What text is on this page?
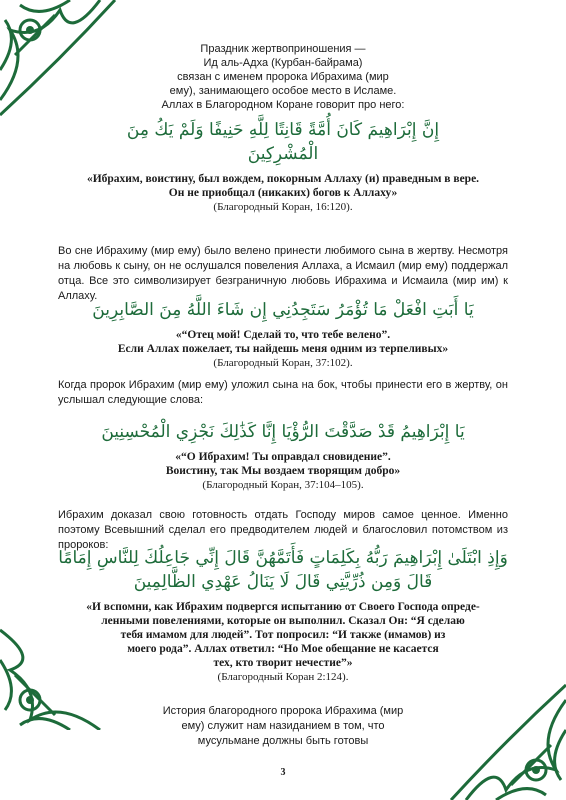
Праздник жертвоприношения —
Ид аль-Адха (Курбан-байрама)
связан с именем пророка Ибрахима (мир
ему), занимающего особое место в Исламе.
Аллах в Благородном Коране говорит про него:
إِنَّ إِبْرَاهِيمَ كَانَ أُمَّةً قَانِتًا لِلَّهِ حَنِيفًا وَلَمْ يَكُ مِنَ
الْمُشْرِكِينَ
«Ибрахим, воистину, был вождем, покорным Аллаху (и) праведным в вере.
Он не приобщал (никаких) богов к Аллаху»
(Благородный Коран, 16:120).
Во сне Ибрахиму (мир ему) было велено принести любимого сына в жертву. Несмотря на любовь к сыну, он не ослушался повеления Аллаха, а Исмаил (мир ему) поддержал отца. Все это символизирует безграничную любовь Ибрахима и Исмаила (мир им) к Аллаху.
يَا أَبَتِ افْعَلْ مَا تُؤْمَرُ سَتَجِدُنِي إِن شَاءَ اللَّهُ مِنَ الصَّابِرِينَ
«“Отец мой! Сделай то, что тебе велено”.
Если Аллах пожелает, ты найдешь меня одним из терпеливых»
(Благородный Коран, 37:102).
Когда пророк Ибрахим (мир ему) уложил сына на бок, чтобы принести его в жертву, он услышал следующие слова:
يَا إِبْرَاهِيمُ قَدْ صَدَّقْتَ الرُّؤْيَا إِنَّا كَذَٰلِكَ نَجْزِي الْمُحْسِنِينَ
«“О Ибрахим! Ты оправдал сновидение”.
Воистину, так Мы воздаем творящим добро»
(Благородный Коран, 37:104–105).
Ибрахим доказал свою готовность отдать Господу миров самое ценное. Именно поэтому Всевышний сделал его предводителем людей и благословил потомством из пророков:
وَإِذِ ابْتَلَىٰ إِبْرَاهِيمَ رَبُّهُ بِكَلِمَاتٍ فَأَتَمَّهُنَّ قَالَ إِنِّي جَاعِلُكَ لِلنَّاسِ إِمَامًا
قَالَ وَمِن ذُرِّيَّتِي قَالَ لَا يَنَالُ عَهْدِي الظَّالِمِينَ
«И вспомни, как Ибрахим подвергся испытанию от Своего Господа опреде-
ленными повелениями, которые он выполнил. Сказал Он: “Я сделаю
тебя имамом для людей”. Тот попросил: “И также (имамов) из
моего рода”. Аллах ответил: “Но Мое обещание не касается
тех, кто творит нечестие”»
(Благородный Коран 2:124).
История благородного пророка Ибрахима (мир
ему) служит нам назиданием в том, что
мусульмане должны быть готовы
3
